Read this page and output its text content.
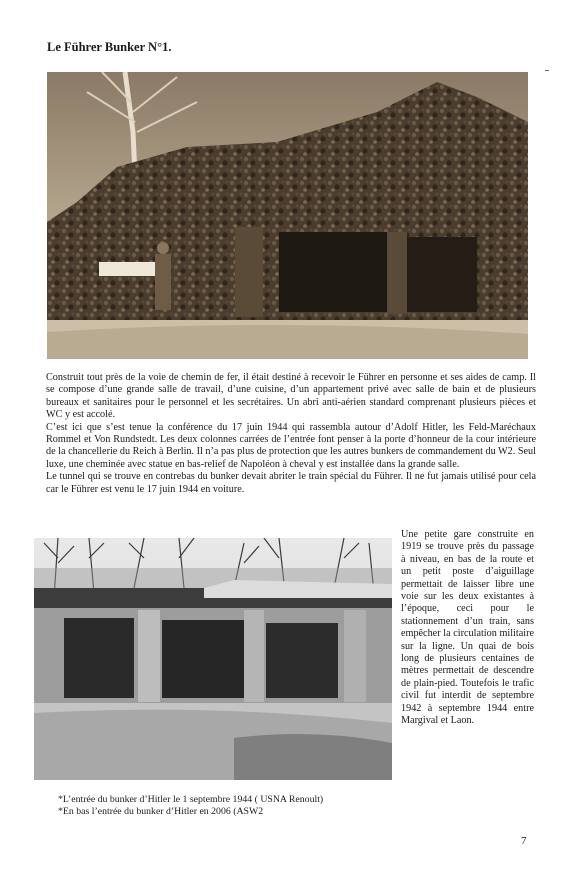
Le Führer Bunker N°1.

Construit tout près de la voie de chemin de fer, il était destiné à recevoir le Führer en personne et ses aides de camp. Il se compose d’une grande salle de travail, d’une cuisine, d’un appartement privé avec salle de bain et de plusieurs bureaux et sanitaires pour le personnel et les secrétaires. Un abri anti-aérien standard comprenant plusieurs pièces et WC y est accolé.

C’est ici que s’est tenue la conférence du 17 juin 1944 qui rassembla autour d’Adolf Hitler, les Feld-Maréchaux Rommel et Von Rundstedt. Les deux colonnes carrées de l’entrée font penser à la porte d’honneur de la cour intérieure de la chancellerie du Reich à Berlin. Il n’a pas plus de protection que les autres bunkers de commandement du W2. Seul luxe, une cheminée avec statue en bas-relief de Napoléon à cheval y est installée dans la grande salle.

Le tunnel qui se trouve en contrebas du bunker devait abriter le train spécial du Führer. Il ne fut jamais utilisé pour cela car le Führer est venu le 17 juin 1944 en voiture.

Une petite gare construite en 1919 se trouve près du passage à niveau, en bas de la route et un petit poste d’aiguillage permettait de laisser libre une voie sur les deux existantes à l’époque, ceci pour le stationnement d’un train, sans empêcher la circulation militaire sur la ligne. Un quai de bois long de plusieurs centaines de mètres permettait de descendre de plain-pied. Toutefois le trafic civil fut interdit de septembre 1942 à septembre 1944 entre Margival et Laon.
*L’entrée du bunker d’Hitler le 1 septembre 1944 ( USNA Renoult)
*En bas l’entrée du bunker d’Hitler en 2006 (ASW2
7
